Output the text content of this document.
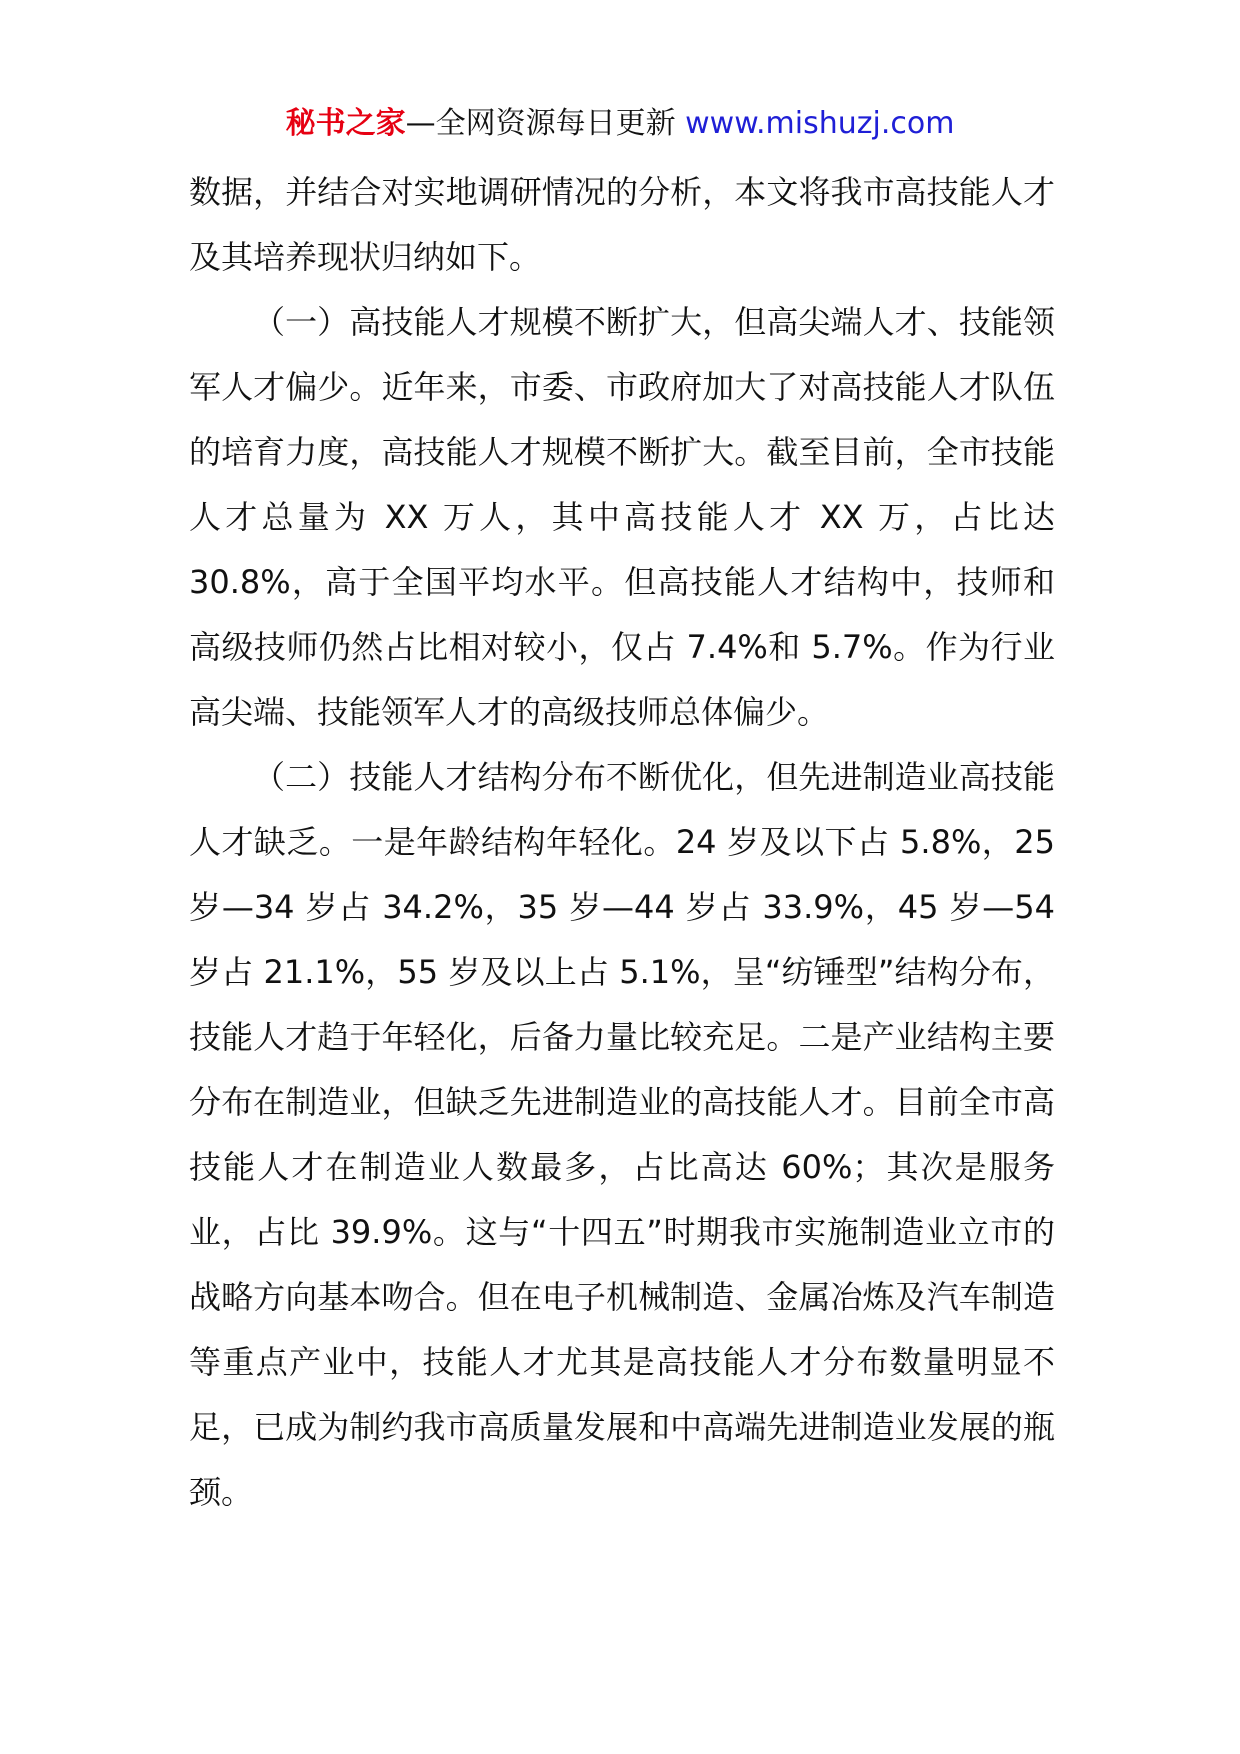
秘书之家—全网资源每日更新 www.mishuzj.com

数据，并结合对实地调研情况的分析，本文将我市高技能人才及其培养现状归纳如下。

（一）高技能人才规模不断扩大，但高尖端人才、技能领军人才偏少。近年来，市委、市政府加大了对高技能人才队伍的培育力度，高技能人才规模不断扩大。截至目前，全市技能人才总量为 XX 万人，其中高技能人才 XX 万，占比达 30.8%，高于全国平均水平。但高技能人才结构中，技师和高级技师仍然占比相对较小，仅占 7.4%和 5.7%。作为行业高尖端、技能领军人才的高级技师总体偏少。

（二）技能人才结构分布不断优化，但先进制造业高技能人才缺乏。一是年龄结构年轻化。24 岁及以下占 5.8%，25 岁—34 岁占 34.2%，35 岁—44 岁占 33.9%，45 岁—54 岁占 21.1%，55 岁及以上占 5.1%，呈“纺锤型”结构分布，技能人才趋于年轻化，后备力量比较充足。二是产业结构主要分布在制造业，但缺乏先进制造业的高技能人才。目前全市高技能人才在制造业人数最多，占比高达 60%；其次是服务业，占比 39.9%。这与“十四五”时期我市实施制造业立市的战略方向基本吻合。但在电子机械制造、金属冶炼及汽车制造等重点产业中，技能人才尤其是高技能人才分布数量明显不足，已成为制约我市高质量发展和中高端先进制造业发展的瓶颈。
